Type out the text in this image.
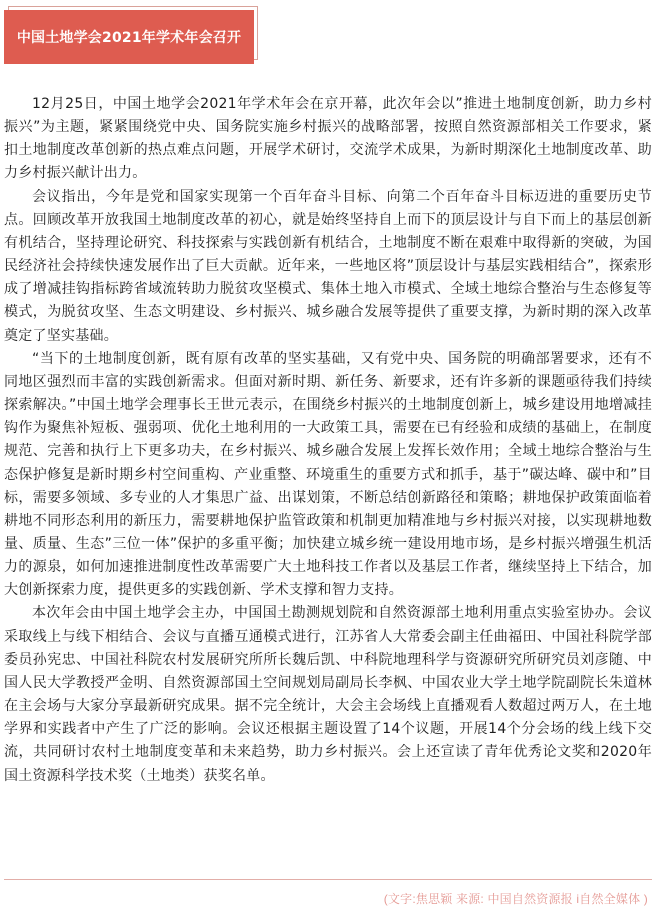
中国土地学会2021年学术年会召开

12月25日，中国土地学会2021年学术年会在京开幕，此次年会以”推进土地制度创新，助力乡村振兴”为主题，紧紧围绕党中央、国务院实施乡村振兴的战略部署，按照自然资源部相关工作要求，紧扣土地制度改革创新的热点难点问题，开展学术研讨，交流学术成果，为新时期深化土地制度改革、助力乡村振兴献计出力。

会议指出，今年是党和国家实现第一个百年奋斗目标、向第二个百年奋斗目标迈进的重要历史节点。回顾改革开放我国土地制度改革的初心，就是始终坚持自上而下的顶层设计与自下而上的基层创新有机结合，坚持理论研究、科技探索与实践创新有机结合，土地制度不断在艰难中取得新的突破，为国民经济社会持续快速发展作出了巨大贡献。近年来，一些地区将”顶层设计与基层实践相结合”，探索形成了增减挂钩指标跨省域流转助力脱贫攻坚模式、集体土地入市模式、全域土地综合整治与生态修复等模式，为脱贫攻坚、生态文明建设、乡村振兴、城乡融合发展等提供了重要支撑，为新时期的深入改革奠定了坚实基础。

“当下的土地制度创新，既有原有改革的坚实基础，又有党中央、国务院的明确部署要求，还有不同地区强烈而丰富的实践创新需求。但面对新时期、新任务、新要求，还有许多新的课题亟待我们持续探索解决。”中国土地学会理事长王世元表示，在围绕乡村振兴的土地制度创新上，城乡建设用地增减挂钩作为聚焦补短板、强弱项、优化土地利用的一大政策工具，需要在已有经验和成绩的基础上，在制度规范、完善和执行上下更多功夫，在乡村振兴、城乡融合发展上发挥长效作用；全域土地综合整治与生态保护修复是新时期乡村空间重构、产业重整、环境重生的重要方式和抓手，基于”碳达峰、碳中和”目标，需要多领域、多专业的人才集思广益、出谋划策，不断总结创新路径和策略；耕地保护政策面临着耕地不同形态利用的新压力，需要耕地保护监管政策和机制更加精准地与乡村振兴对接，以实现耕地数量、质量、生态”三位一体”保护的多重平衡；加快建立城乡统一建设用地市场，是乡村振兴增强生机活力的源泉，如何加速推进制度性改革需要广大土地科技工作者以及基层工作者，继续坚持上下结合，加大创新探索力度，提供更多的实践创新、学术支撑和智力支持。

本次年会由中国土地学会主办，中国国土勘测规划院和自然资源部土地利用重点实验室协办。会议采取线上与线下相结合、会议与直播互通模式进行，江苏省人大常委会副主任曲福田、中国社科院学部委员孙宪忠、中国社科院农村发展研究所所长魏后凯、中科院地理科学与资源研究所研究员刘彦随、中国人民大学教授严金明、自然资源部国土空间规划局副局长李枫、中国农业大学土地学院副院长朱道林在主会场与大家分享最新研究成果。据不完全统计，大会主会场线上直播观看人数超过两万人，在土地学界和实践者中产生了广泛的影响。会议还根据主题设置了14个议题，开展14个分会场的线上线下交流，共同研讨农村土地制度变革和未来趋势，助力乡村振兴。会上还宣读了青年优秀论文奖和2020年国土资源科学技术奖（土地类）获奖名单。

(文字:焦思颖 来源: 中国自然资源报 i自然全媒体 )
